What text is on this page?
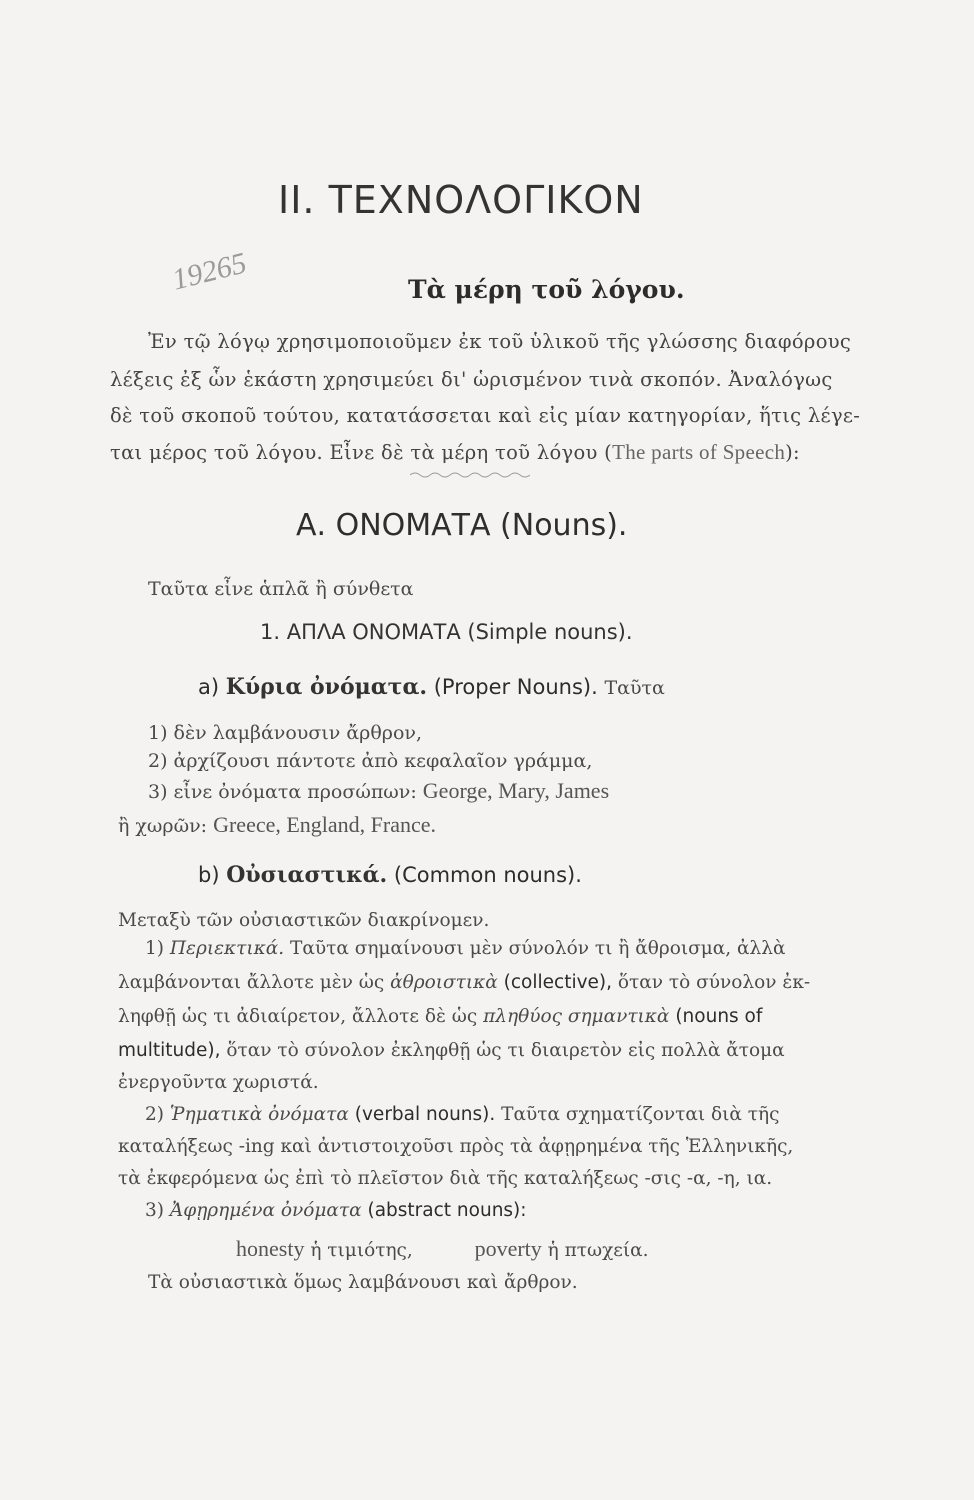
II. ΤΕΧΝΟΛΟΓΙΚΟΝ
19265	Τὰ μέρη τοῦ λόγου.
Ἐν τῷ λόγῳ χρησιμοποιοῦμεν ἐκ τοῦ ὑλικοῦ τῆς γλώσσης διαφόρους
λέξεις ἐξ ὧν ἑκάστη χρησιμεύει δι' ὡρισμένον τινὰ σκοπόν. Ἀναλόγως
δὲ τοῦ σκοποῦ τούτου, κατατάσσεται καὶ εἰς μίαν κατηγορίαν, ἥτις λέγε-
ται μέρος τοῦ λόγου. Εἶνε δὲ τὰ μέρη τοῦ λόγου (The parts of Speech):
Α. ΟΝΟΜΑΤΑ (Nouns).
Ταῦτα εἶνε ἁπλᾶ ἢ σύνθετα
1. ΑΠΛΑ ΟΝΟΜΑΤΑ (Simple nouns).
a) Κύρια ὀνόματα. (Proper Nouns). Ταῦτα
1) δὲν λαμβάνουσιν ἄρθρον,
2) ἀρχίζουσι πάντοτε ἀπὸ κεφαλαῖον γράμμα,
3) εἶνε ὀνόματα προσώπων: George, Mary, James
ἢ χωρῶν: Greece, England, France.
b) Οὐσιαστικά. (Common nouns).
Μεταξὺ τῶν οὐσιαστικῶν διακρίνομεν.
1) Περιεκτικά. Ταῦτα σημαίνουσι μὲν σύνολόν τι ἢ ἄθροισμα, ἀλλὰ
λαμβάνονται ἄλλοτε μὲν ὡς ἀθροιστικὰ (collective), ὅταν τὸ σύνολον ἐκ-
ληφθῇ ὡς τι ἀδιαίρετον, ἄλλοτε δὲ ὡς πληθύος σημαντικὰ (nouns of
multitude), ὅταν τὸ σύνολον ἐκληφθῇ ὡς τι διαιρετὸν εἰς πολλὰ ἄτομα
ἐνεργοῦντα χωριστά.
2) Ῥηματικὰ ὀνόματα (verbal nouns). Ταῦτα σχηματίζονται διὰ τῆς
καταλήξεως -ing καὶ ἀντιστοιχοῦσι πρὸς τὰ ἀφῃρημένα τῆς Ἑλληνικῆς,
τὰ ἐκφερόμενα ὡς ἐπὶ τὸ πλεῖστον διὰ τῆς καταλήξεως -σις -α, -η, ια.
3) Ἀφῃρημένα ὀνόματα (abstract nouns):
honesty ἡ τιμιότης,	poverty ἡ πτωχεία.
Τὰ οὐσιαστικὰ ὅμως λαμβάνουσι καὶ ἄρθρον.
